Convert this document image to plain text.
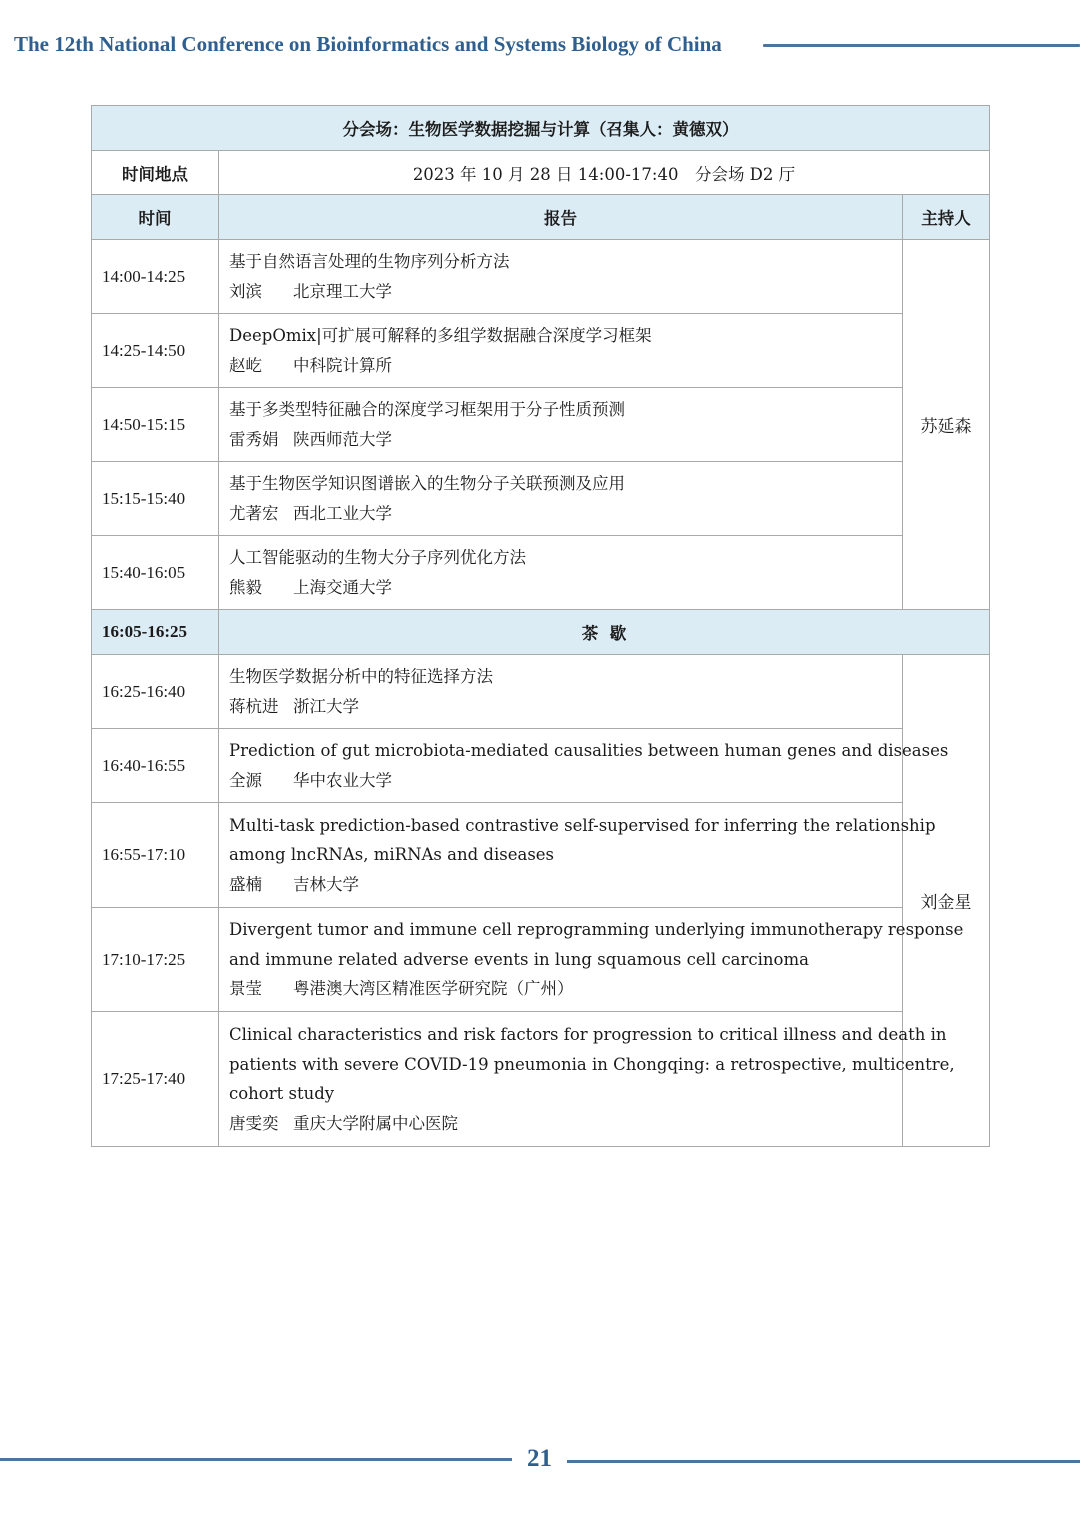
The 12th National Conference on Bioinformatics and Systems Biology of China
分会场：生物医学数据挖掘与计算（召集人：黄德双）		
时间地点	2023 年 10 月 28 日 14:00-17:40　分会场 D2 厅	
时间	报告	主持人
14:00-14:25	基于自然语言处理的生物序列分析方法
刘滨 北京理工大学	苏延森
14:25-14:50	DeepOmix|可扩展可解释的多组学数据融合深度学习框架
赵屹 中科院计算所	

14:50-15:15	基于多类型特征融合的深度学习框架用于分子性质预测
雷秀娟 陕西师范大学	

15:15-15:40	基于生物医学知识图谱嵌入的生物分子关联预测及应用
尤著宏 西北工业大学	

15:40-16:05	人工智能驱动的生物大分子序列优化方法
熊毅 上海交通大学	

16:05-16:25	茶  歇	
16:25-16:40	生物医学数据分析中的特征选择方法
蒋杭进 浙江大学	刘金星
16:40-16:55	Prediction of gut microbiota-mediated causalities between human genes and diseases
全源 华中农业大学	

16:55-17:10	Multi-task prediction-based contrastive self-supervised for inferring the relationship
among lncRNAs, miRNAs and diseases
盛楠 吉林大学	

17:10-17:25	Divergent tumor and immune cell reprogramming underlying immunotherapy response
and immune related adverse events in lung squamous cell carcinoma
景莹 粤港澳大湾区精准医学研究院（广州）	

17:25-17:40	Clinical characteristics and risk factors for progression to critical illness and death in
patients with severe COVID-19 pneumonia in Chongqing: a retrospective, multicentre,
cohort study
唐雯奕 重庆大学附属中心医院	
21
